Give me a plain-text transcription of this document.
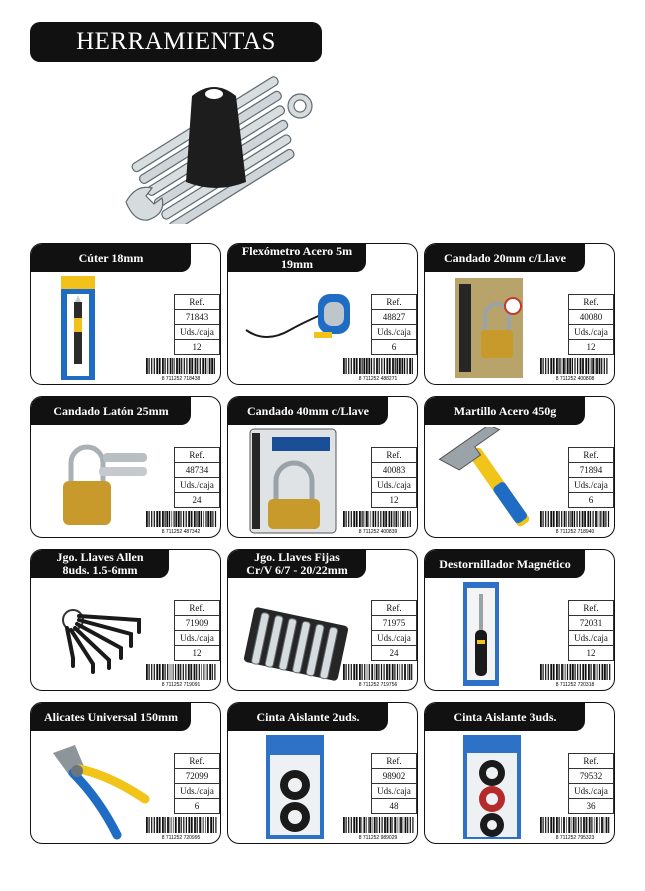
HERRAMIENTAS
Cúter 18mm
Ref.
71843
Uds./caja
12
8 711252 718438
Flexómetro Acero 5m 19mm
Ref.
48827
Uds./caja
6
8 711252 488271
Candado 20mm c/Llave
Ref.
40080
Uds./caja
12
8 711252 400808
Candado Latón 25mm
Ref.
48734
Uds./caja
24
8 711252 487342
Candado 40mm c/Llave
Ref.
40083
Uds./caja
12
8 711252 400839
Martillo Acero 450g
Ref.
71894
Uds./caja
6
8 711252 718940
Jgo. Llaves Allen 8uds. 1.5-6mm
Ref.
71909
Uds./caja
12
8 711252 719091
Jgo. Llaves Fijas Cr/V 6/7 - 20/22mm
Ref.
71975
Uds./caja
24
8 711252 719756
Destornillador Magnético
Ref.
72031
Uds./caja
12
8 711252 720318
Alicates Universal 150mm
Ref.
72099
Uds./caja
6
8 711252 720995
Cinta Aislante 2uds.
Ref.
98902
Uds./caja
48
8 711252 989029
Cinta Aislante 3uds.
Ref.
79532
Uds./caja
36
8 711252 795323
